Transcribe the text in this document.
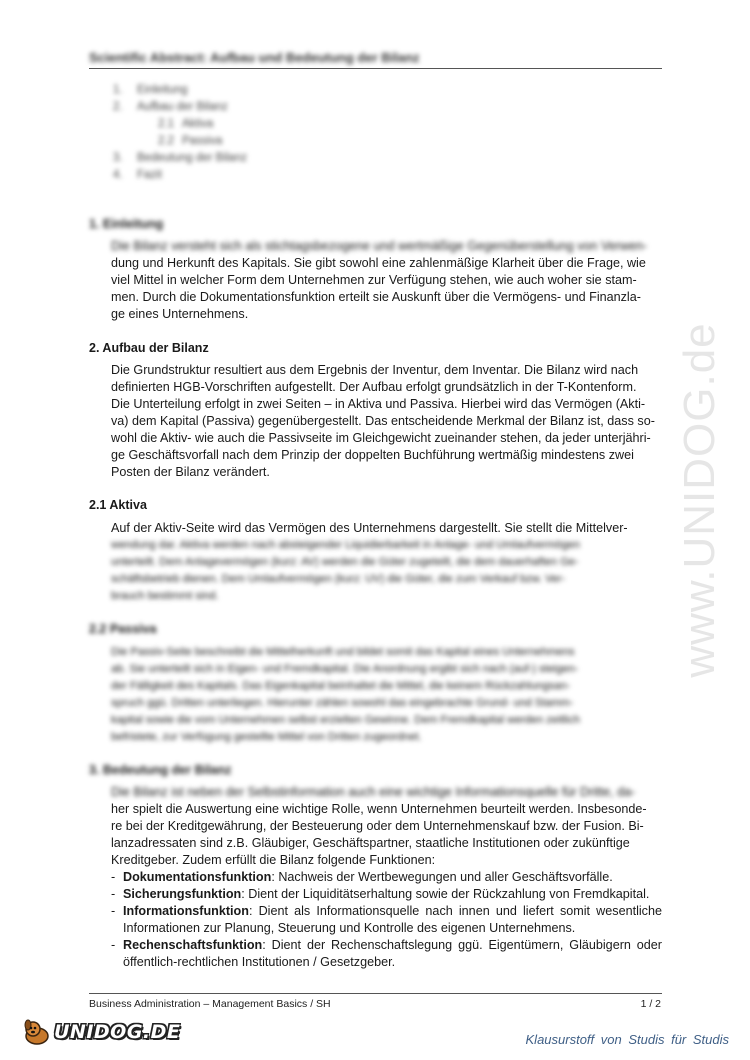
www.UNIDOG.de
Scientific Abstract: Aufbau und Bedeutung der Bilanz
1.	Einleitung
2.	Aufbau der Bilanz
2.1 Aktiva
2.2 Passiva
3.	Bedeutung der Bilanz
4.	Fazit
1. Einleitung

Die Bilanz versteht sich als stichtagsbezogene und wertmäßige Gegenüberstellung von Verwen-

dung und Herkunft des Kapitals. Sie gibt sowohl eine zahlenmäßige Klarheit über die Frage, wie

viel Mittel in welcher Form dem Unternehmen zur Verfügung stehen, wie auch woher sie stam-

men. Durch die Dokumentationsfunktion erteilt sie Auskunft über die Vermögens- und Finanzla-

ge eines Unternehmens.

2. Aufbau der Bilanz

Die Grundstruktur resultiert aus dem Ergebnis der Inventur, dem Inventar. Die Bilanz wird nach

definierten HGB-Vorschriften aufgestellt. Der Aufbau erfolgt grundsätzlich in der T-Kontenform.

Die Unterteilung erfolgt in zwei Seiten – in Aktiva und Passiva. Hierbei wird das Vermögen (Akti-

va) dem Kapital (Passiva) gegenübergestellt. Das entscheidende Merkmal der Bilanz ist, dass so-

wohl die Aktiv- wie auch die Passivseite im Gleichgewicht zueinander stehen, da jeder unterjähri-

ge Geschäftsvorfall nach dem Prinzip der doppelten Buchführung wertmäßig mindestens zwei

Posten der Bilanz verändert.

2.1 Aktiva

Auf der Aktiv-Seite wird das Vermögen des Unternehmens dargestellt. Sie stellt die Mittelver-

wendung dar. Aktiva werden nach absteigender Liquidierbarkeit in Anlage- und Umlaufvermögen

unterteilt. Dem Anlagevermögen (kurz: AV) werden die Güter zugeteilt, die dem dauerhaften Ge-

schäftsbetrieb dienen. Dem Umlaufvermögen (kurz: UV) die Güter, die zum Verkauf bzw. Ver-

brauch bestimmt sind.

2.2 Passiva

Die Passiv-Seite beschreibt die Mittelherkunft und bildet somit das Kapital eines Unternehmens

ab. Sie unterteilt sich in Eigen- und Fremdkapital. Die Anordnung ergibt sich nach (auf-) steigen-

der Fälligkeit des Kapitals. Das Eigenkapital beinhaltet die Mittel, die keinem Rückzahlungsan-

spruch ggü. Dritten unterliegen. Hierunter zählen sowohl das eingebrachte Grund- und Stamm-

kapital sowie die vom Unternehmen selbst erzielten Gewinne. Dem Fremdkapital werden zeitlich

befristete, zur Verfügung gestellte Mittel von Dritten zugeordnet.

3. Bedeutung der Bilanz

Die Bilanz ist neben der Selbstinformation auch eine wichtige Informationsquelle für Dritte, da-

her spielt die Auswertung eine wichtige Rolle, wenn Unternehmen beurteilt werden. Insbesonde-

re bei der Kreditgewährung, der Besteuerung oder dem Unternehmenskauf bzw. der Fusion. Bi-

lanzadressaten sind z.B. Gläubiger, Geschäftspartner, staatliche Institutionen oder zukünftige

Kreditgeber. Zudem erfüllt die Bilanz folgende Funktionen:

- Dokumentationsfunktion: Nachweis der Wertbewegungen und aller Geschäftsvorfälle.
- Sicherungsfunktion: Dient der Liquiditätserhaltung sowie der Rückzahlung von Fremdkapital.
- Informationsfunktion: Dient als Informationsquelle nach innen und liefert somit wesentliche Informationen zur Planung, Steuerung und Kontrolle des eigenen Unternehmens.
- Rechenschaftsfunktion: Dient der Rechenschaftslegung ggü. Eigentümern, Gläubigern oder öffentlich-rechtlichen Institutionen / Gesetzgeber.
Business Administration – Management Basics / SH	1 / 2
UNIDOG.DE	Klausurstoff von Studis für Studis
